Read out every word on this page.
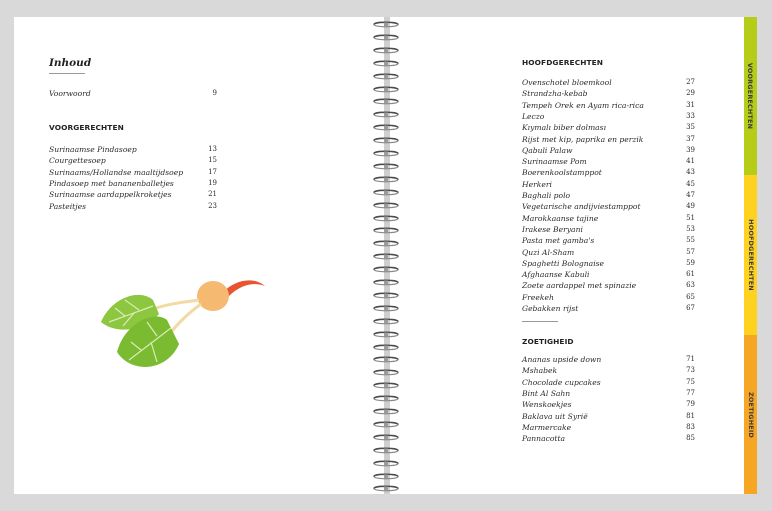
Inhoud
Voorwoord	9
VOORGERECHTEN
Surinaamse Pindasoep	13
Courgettesoep	15
Surinaams/Hollandse maaltijdsoep	17
Pindasoep met bananenballetjes	19
Surinaamse aardappelkroketjes	21
Pasteitjes	23
HOOFDGERECHTEN
Ovenschotel bloemkool	27
Strandzha-kebab	29
Tempeh Orek en Ayam rica-rica	31
Leczo	33
Kıymalı biber dolması	35
Rijst met kip, paprika en perzik	37
Qabuli Palaw	39
Surinaamse Pom	41
Boerenkoolstamppot	43
Herkeri	45
Baghali polo	47
Vegetarische andijviestamppot	49
Marokkaanse tajine	51
Irakese Beryani	53
Pasta met gamba's	55
Quzi Al-Sham	57
Spaghetti Bolognaise	59
Afghaanse Kabuli	61
Zoete aardappel met spinazie	63
Freekeh	65
Gebakken rijst	67
ZOETIGHEID
Ananas upside down	71
Mshabek	73
Chocolade cupcakes	75
Bint Al Sahn	77
Wenskoekjes	79
Baklava uit Syrië	81
Marmercake	83
Pannacotta	85
VOORGERECHTEN
HOOFDGERECHTEN
ZOETIGHEID
